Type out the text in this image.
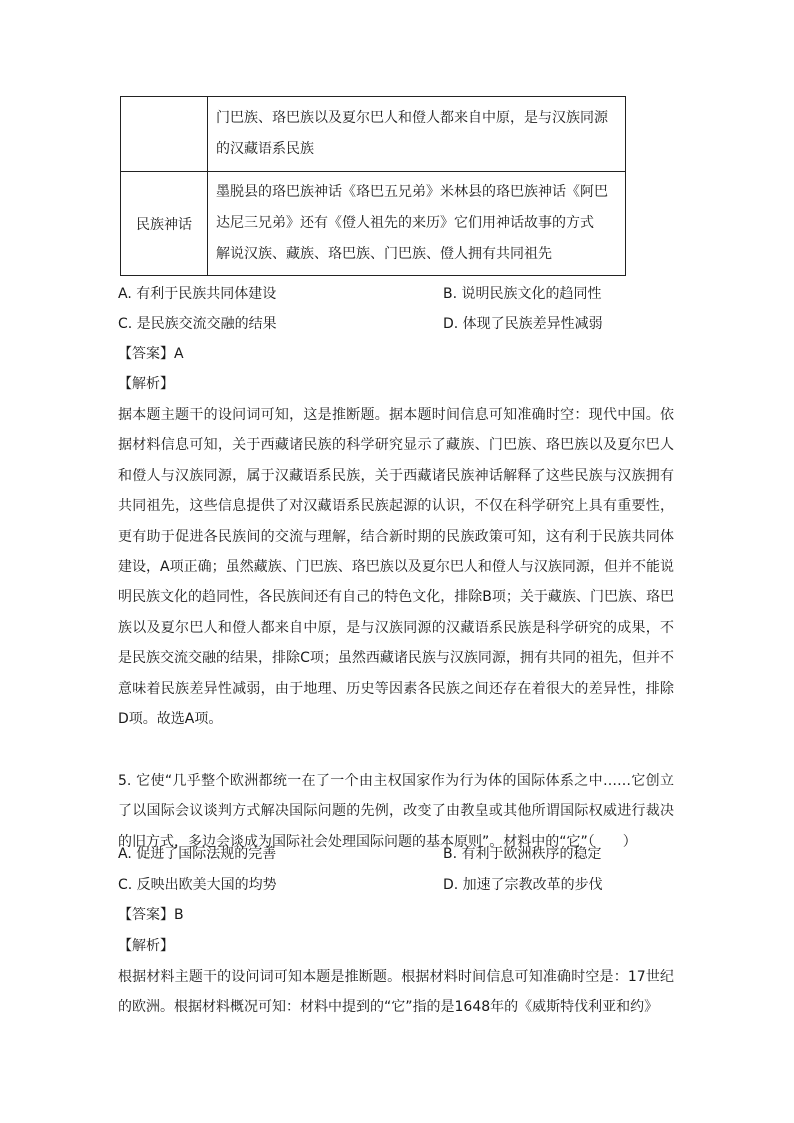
	门巴族、珞巴族以及夏尔巴人和僜人都来自中原，是与汉族同源
的汉藏语系民族

民族神话	墨脱县的珞巴族神话《珞巴五兄弟》米林县的珞巴族神话《阿巴
达尼三兄弟》还有《僜人祖先的来历》它们用神话故事的方式
解说汉族、藏族、珞巴族、门巴族、僜人拥有共同祖先
A. 有利于民族共同体建设	B. 说明民族文化的趋同性
C. 是民族交流交融的结果	D. 体现了民族差异性减弱
【答案】A
【解析】
据本题主题干的设问词可知，这是推断题。据本题时间信息可知准确时空：现代中国。依据材料信息可知，关于西藏诸民族的科学研究显示了藏族、门巴族、珞巴族以及夏尔巴人和僜人与汉族同源，属于汉藏语系民族，关于西藏诸民族神话解释了这些民族与汉族拥有共同祖先，这些信息提供了对汉藏语系民族起源的认识，不仅在科学研究上具有重要性，更有助于促进各民族间的交流与理解，结合新时期的民族政策可知，这有利于民族共同体建设，A项正确；虽然藏族、门巴族、珞巴族以及夏尔巴人和僜人与汉族同源，但并不能说明民族文化的趋同性，各民族间还有自己的特色文化，排除B项；关于藏族、门巴族、珞巴族以及夏尔巴人和僜人都来自中原，是与汉族同源的汉藏语系民族是科学研究的成果，不是民族交流交融的结果，排除C项；虽然西藏诸民族与汉族同源，拥有共同的祖先，但并不意味着民族差异性减弱，由于地理、历史等因素各民族之间还存在着很大的差异性，排除D项。故选A项。
5. 它使“几乎整个欧洲都统一在了一个由主权国家作为行为体的国际体系之中……它创立了以国际会议谈判方式解决国际问题的先例，改变了由教皇或其他所谓国际权威进行裁决的旧方式，多边会谈成为国际社会处理国际问题的基本原则”。材料中的“它”（　　）
A. 促进了国际法规的完善	B. 有利于欧洲秩序的稳定
C. 反映出欧美大国的均势	D. 加速了宗教改革的步伐
【答案】B
【解析】
根据材料主题干的设问词可知本题是推断题。根据材料时间信息可知准确时空是：17世纪的欧洲。根据材料概况可知：材料中提到的“它”指的是1648年的《威斯特伐利亚和约》
